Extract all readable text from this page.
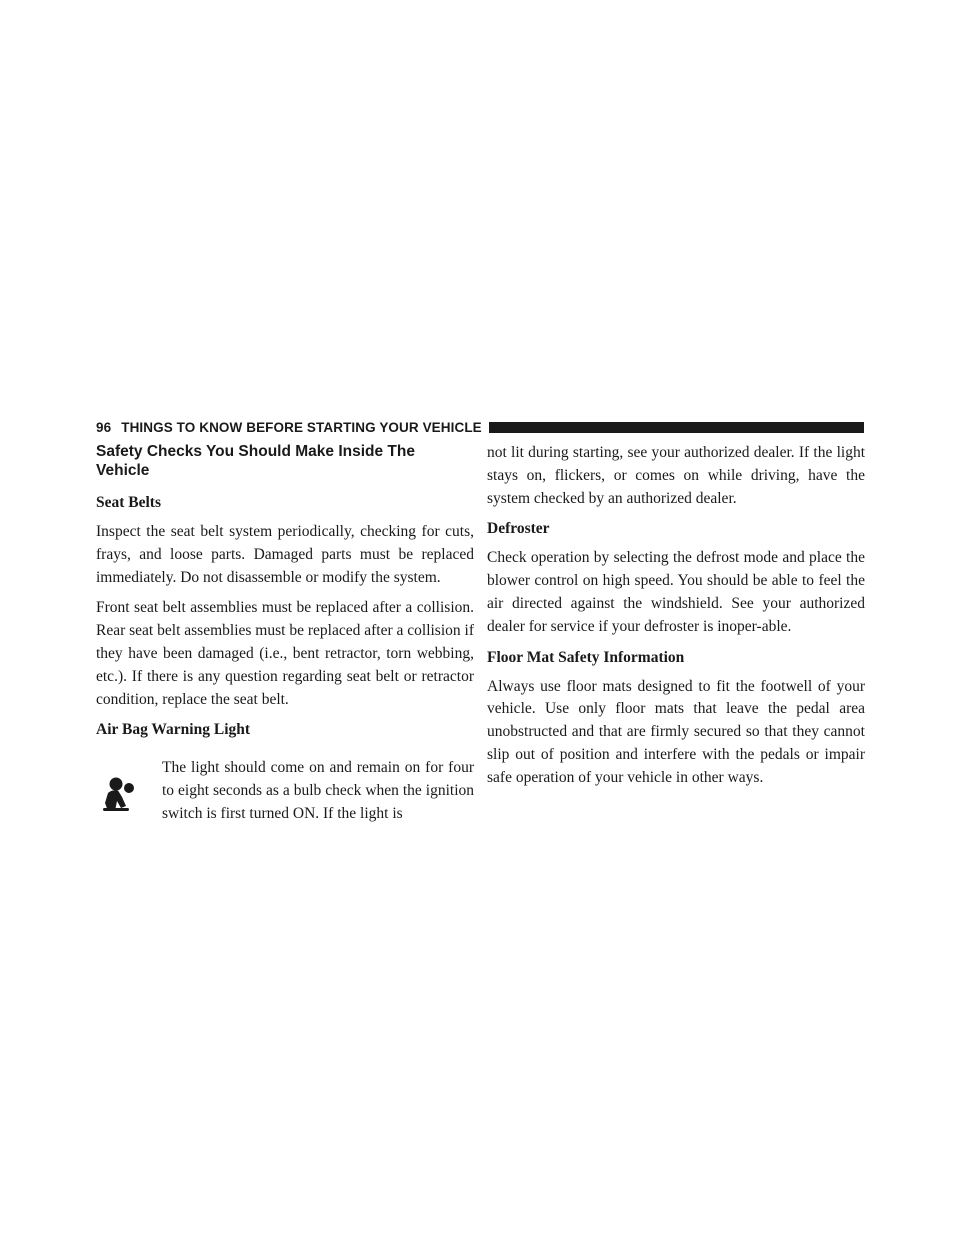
96 THINGS TO KNOW BEFORE STARTING YOUR VEHICLE
Safety Checks You Should Make Inside The
Vehicle
Seat Belts

Inspect the seat belt system periodically, checking for cuts, frays, and loose parts. Damaged parts must be replaced immediately. Do not disassemble or modify the system.

Front seat belt assemblies must be replaced after a collision. Rear seat belt assemblies must be replaced after a collision if they have been damaged (i.e., bent retractor, torn webbing, etc.). If there is any question regarding seat belt or retractor condition, replace the seat belt.

Air Bag Warning Light

The light should come on and remain on for four to eight seconds as a bulb check when the ignition switch is first turned ON. If the light is

not lit during starting, see your authorized dealer. If the light stays on, flickers, or comes on while driving, have the system checked by an authorized dealer.

Defroster

Check operation by selecting the defrost mode and place the blower control on high speed. You should be able to feel the air directed against the windshield. See your authorized dealer for service if your defroster is inoper-able.

Floor Mat Safety Information

Always use floor mats designed to fit the footwell of your vehicle. Use only floor mats that leave the pedal area unobstructed and that are firmly secured so that they cannot slip out of position and interfere with the pedals or impair safe operation of your vehicle in other ways.
